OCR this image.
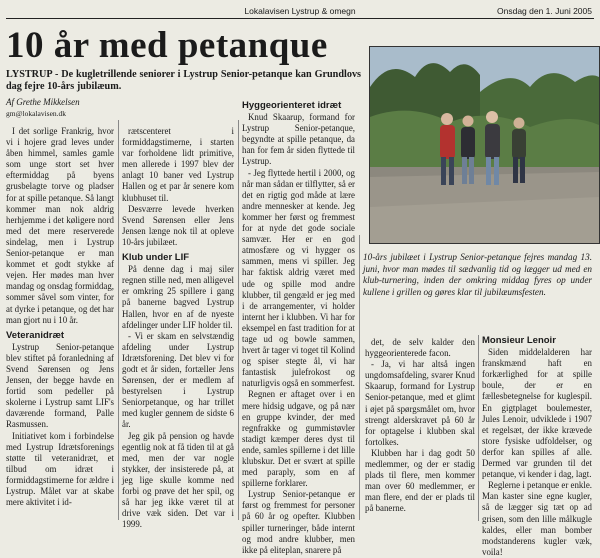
Lokalavisen Lystrup & omegn	Onsdag den 1. Juni 2005
10 år med petanque
LYSTRUP - De kugletrillende seniorer i Lystrup Senior-petanque kan Grundlovs dag fejre 10-års jubilæum.
Af Grethe Mikkelsen
gm@lokalavisen.dk

I det sorlige Frankrig, hvor vi i hojere grad leves under åben himmel, samles gamle som unge stort set hver eftermiddag på byens grusbelagte torve og pladser for at spille petanque. Så langt kommer man nok aldrig herhjemme i det køligere nord med det mere reserverede sindelag, men i Lystrup Senior-petanque er man kommet et godt stykke af vejen. Her mødes man hver mandag og onsdag formiddag, sommer såvel som vinter, for at dyrke i petanque, og det har man gjort nu i 10 år.

Veteranidræt

Lystrup Senior-petanque blev stiftet på foranledning af Svend Sørensen og Jens Jensen, der begge havde en fortid som pedeller på skolerne i Lystrup samt LIF's daværende formand, Palle Rasmussen.

Initiativet kom i forbindelse med Lystrup Idrætsforenings støtte til veteranidræt, et tilbud om idræt i formiddagstimerne for ældre i Lystrup. Målet var at skabe mere aktivitet i id-

rætscenteret i formiddagstimerne, i starten var forholdene lidt primitive, men allerede i 1997 blev der anlagt 10 baner ved Lystrup Hallen og et par år senere kom klubhuset til.

Desværre levede hverken Svend Sørensen eller Jens Jensen længe nok til at opleve 10-års jubilæet.

Klub under LIF

På denne dag i maj siler regnen stille ned, men alligevel er omkring 25 spillere i gang på banerne bagved Lystrup Hallen, hvor en af de nyeste afdelinger under LIF holder til.

- Vi er skam en selvstændig afdeling under Lystrup Idrætsforening. Det blev vi for godt et år siden, fortæller Jens Sørensen, der er medlem af bestyrelsen i Lystrup Seniorpetanque, og har trillet med kugler gennem de sidste 6 år.

Jeg gik på pension og havde egentlig nok at få tiden til at gå med, men der var nogle stykker, der insisterede på, at jeg lige skulle komme ned forbi og prøve det her spil, og så har jeg ikke været til at drive væk siden. Det var i 1999.

Hyggeorienteret idræt

Knud Skaarup, formand for Lystrup Senior-petanque, begyndte at spille petanque, da han for fem år siden flyttede til Lystrup.

- Jeg flyttede hertil i 2000, og når man sådan er tilflytter, så er det en rigtig god måde at lære andre mennesker at kende. Jeg kommer her først og fremmest for at nyde det gode sociale samvær. Her er en god atmosfære og vi hygger os sammen, mens vi spiller. Jeg har faktisk aldrig været med ude og spille mod andre klubber, til gengæld er jeg med i de arrangementer, vi holder internt her i klubben. Vi har for eksempel en fast tradition for at tage ud og bowle sammen, hvert år tager vi toget til Kolind og spiser stegte ål, vi har fantastisk julefrokost og naturligvis også en sommerfest.

Regnen er aftaget over i en mere hidsig udgave, og på nær en gruppe kvinder, der med regnfrakke og gummistøvler stadigt kæmper deres dyst til ende, samles spillerne i det lille klubskur. Det er svært at spille med paraply, som en af spillerne forklarer.

Lystrup Senior-petanque er først og fremmest for personer på 60 år og opefter. Klubben spiller turneringer, både internt og mod andre klubber, men ikke på eliteplan, snarere på

10-års jubilæet i Lystrup Senior-petanque fejres mandag 13. juni, hvor man mødes til sædvanlig tid og lægger ud med en klub-turnering, inden der omkring middag fyres op under kullene i grillen og gøres klar til jubilæumsfesten.

det, de selv kalder den hyggeorienterede facon.

- Ja, vi har altså ingen ungdomsafdeling, svarer Knud Skaarup, formand for Lystrup Senior-petanque, med et glimt i øjet på spørgsmålet om, hvor strengt alderskravet på 60 år for optagelse i klubben skal fortolkes.

Klubben har i dag godt 50 medlemmer, og der er stadig plads til flere, men kommer man over 60 medlemmer, er man flere, end der er plads til på banerne.

Monsieur Lenoir

Siden middelalderen har franskmænd haft en forkærlighed for at spille boule, der er en fællesbetegnelse for kuglespil. En gigtplaget boulemester, Jules Lenoir, udviklede i 1907 et regelsæt, der ikke krævede store fysiske udfoldelser, og derfor kan spilles af alle. Dermed var grunden til det petanque, vi kender i dag, lagt.

Reglerne i petanque er enkle. Man kaster sine egne kugler, så de lægger sig tæt op ad grisen, som den lille målkugle kaldes, eller man bomber modstanderens kugler væk, voila!
